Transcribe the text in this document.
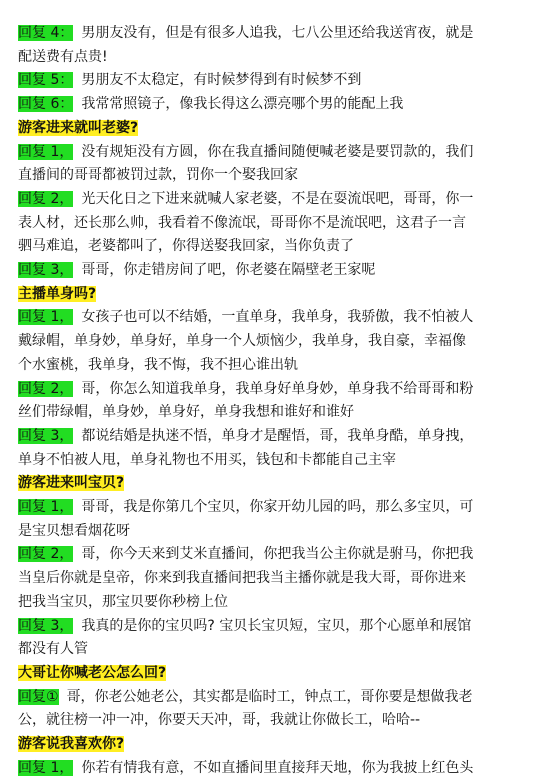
回复 4： 男朋友没有，但是有很多人追我，七八公里还给我送宵夜，就是
配送费有点贵!
回复 5： 男朋友不太稳定，有时候梦得到有时候梦不到
回复 6： 我常常照镜子，像我长得这么漂亮哪个男的能配上我
游客进来就叫老婆?
回复 1， 没有规矩没有方圆，你在我直播间随便喊老婆是要罚款的，我们
直播间的哥哥都被罚过款，罚你一个娶我回家
回复 2， 光天化日之下进来就喊人家老婆，不是在耍流氓吧，哥哥，你一
表人材，还长那么帅，我看着不像流氓，哥哥你不是流氓吧，这君子一言
驷马难追，老婆都叫了，你得送娶我回家，当你负责了
回复 3， 哥哥，你走错房间了吧，你老婆在隔壁老王家呢
主播单身吗?
回复 1， 女孩子也可以不结婚，一直单身，我单身，我骄傲，我不怕被人
戴绿帽，单身妙，单身好，单身一个人烦恼少，我单身，我自豪，幸福像
个水蜜桃，我单身，我不悔，我不担心谁出轨
回复 2， 哥，你怎么知道我单身，我单身好单身妙，单身我不给哥哥和粉
丝们带绿帽，单身妙，单身好，单身我想和谁好和谁好
回复 3， 都说结婚是执迷不悟，单身才是醒悟，哥，我单身酷，单身拽，
单身不怕被人甩，单身礼物也不用买，钱包和卡都能自己主宰
游客进来叫宝贝?
回复 1， 哥哥，我是你第几个宝贝，你家开幼儿园的吗，那么多宝贝，可
是宝贝想看烟花呀
回复 2， 哥，你今天来到艾米直播间，你把我当公主你就是驸马，你把我
当皇后你就是皇帝，你来到我直播间把我当主播你就是我大哥，哥你进来
把我当宝贝，那宝贝要你秒榜上位
回复 3， 我真的是你的宝贝吗? 宝贝长宝贝短，宝贝，那个心愿单和展馆
都没有人管
大哥让你喊老公怎么回?
回复① 哥，你老公她老公，其实都是临时工，钟点工，哥你要是想做我老
公，就往榜一冲一冲，你要天天冲，哥，我就让你做长工，哈哈--
游客说我喜欢你?
回复 1， 你若有情我有意，不如直播间里直接拜天地，你为我披上红色头
